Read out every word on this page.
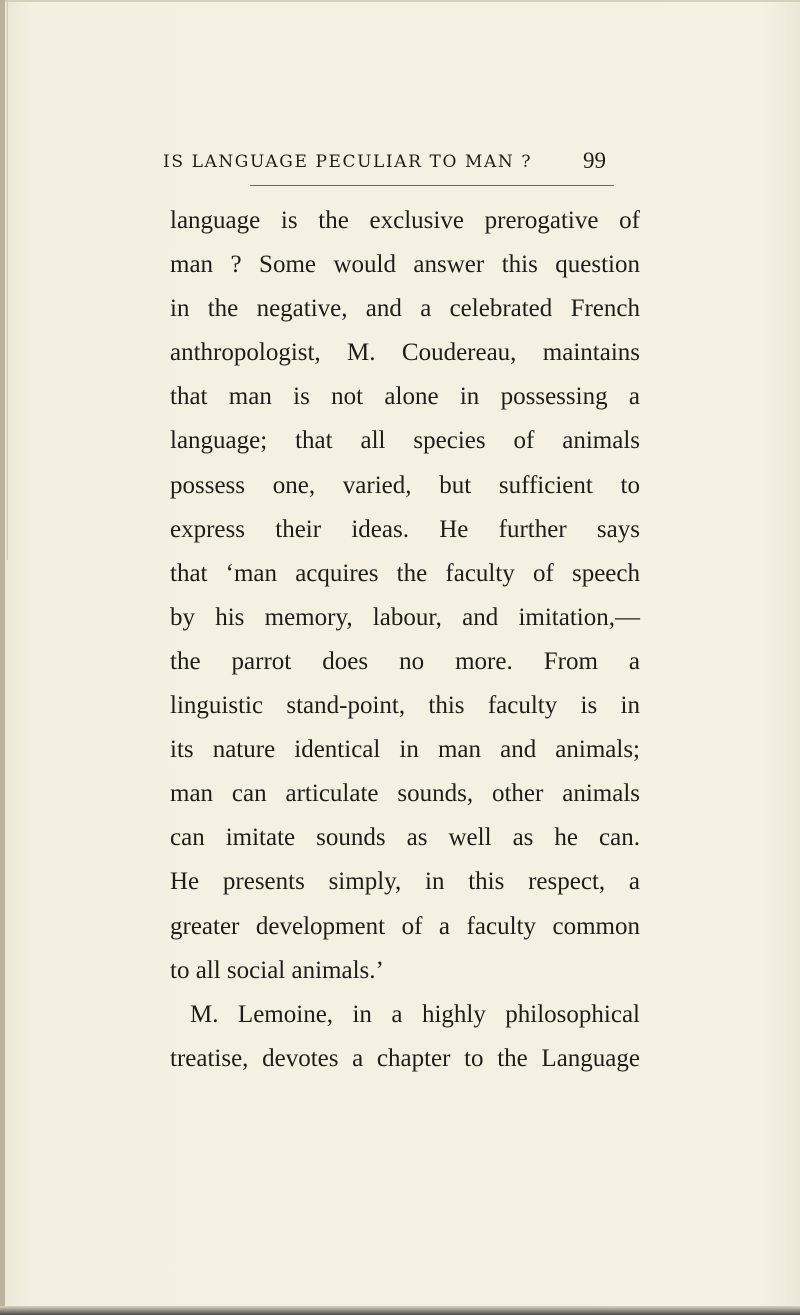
IS LANGUAGE PECULIAR TO MAN ? 99
language is the exclusive prerogative of
man ? Some would answer this question
in the negative, and a celebrated French
anthropologist, M. Coudereau, maintains
that man is not alone in possessing a
language; that all species of animals
possess one, varied, but sufficient to
express their ideas. He further says
that ‘man acquires the faculty of speech
by his memory, labour, and imitation,—
the parrot does no more. From a
linguistic stand-point, this faculty is in
its nature identical in man and animals;
man can articulate sounds, other animals
can imitate sounds as well as he can.
He presents simply, in this respect, a
greater development of a faculty common
to all social animals.’
M. Lemoine, in a highly philosophical
treatise, devotes a chapter to the Language
